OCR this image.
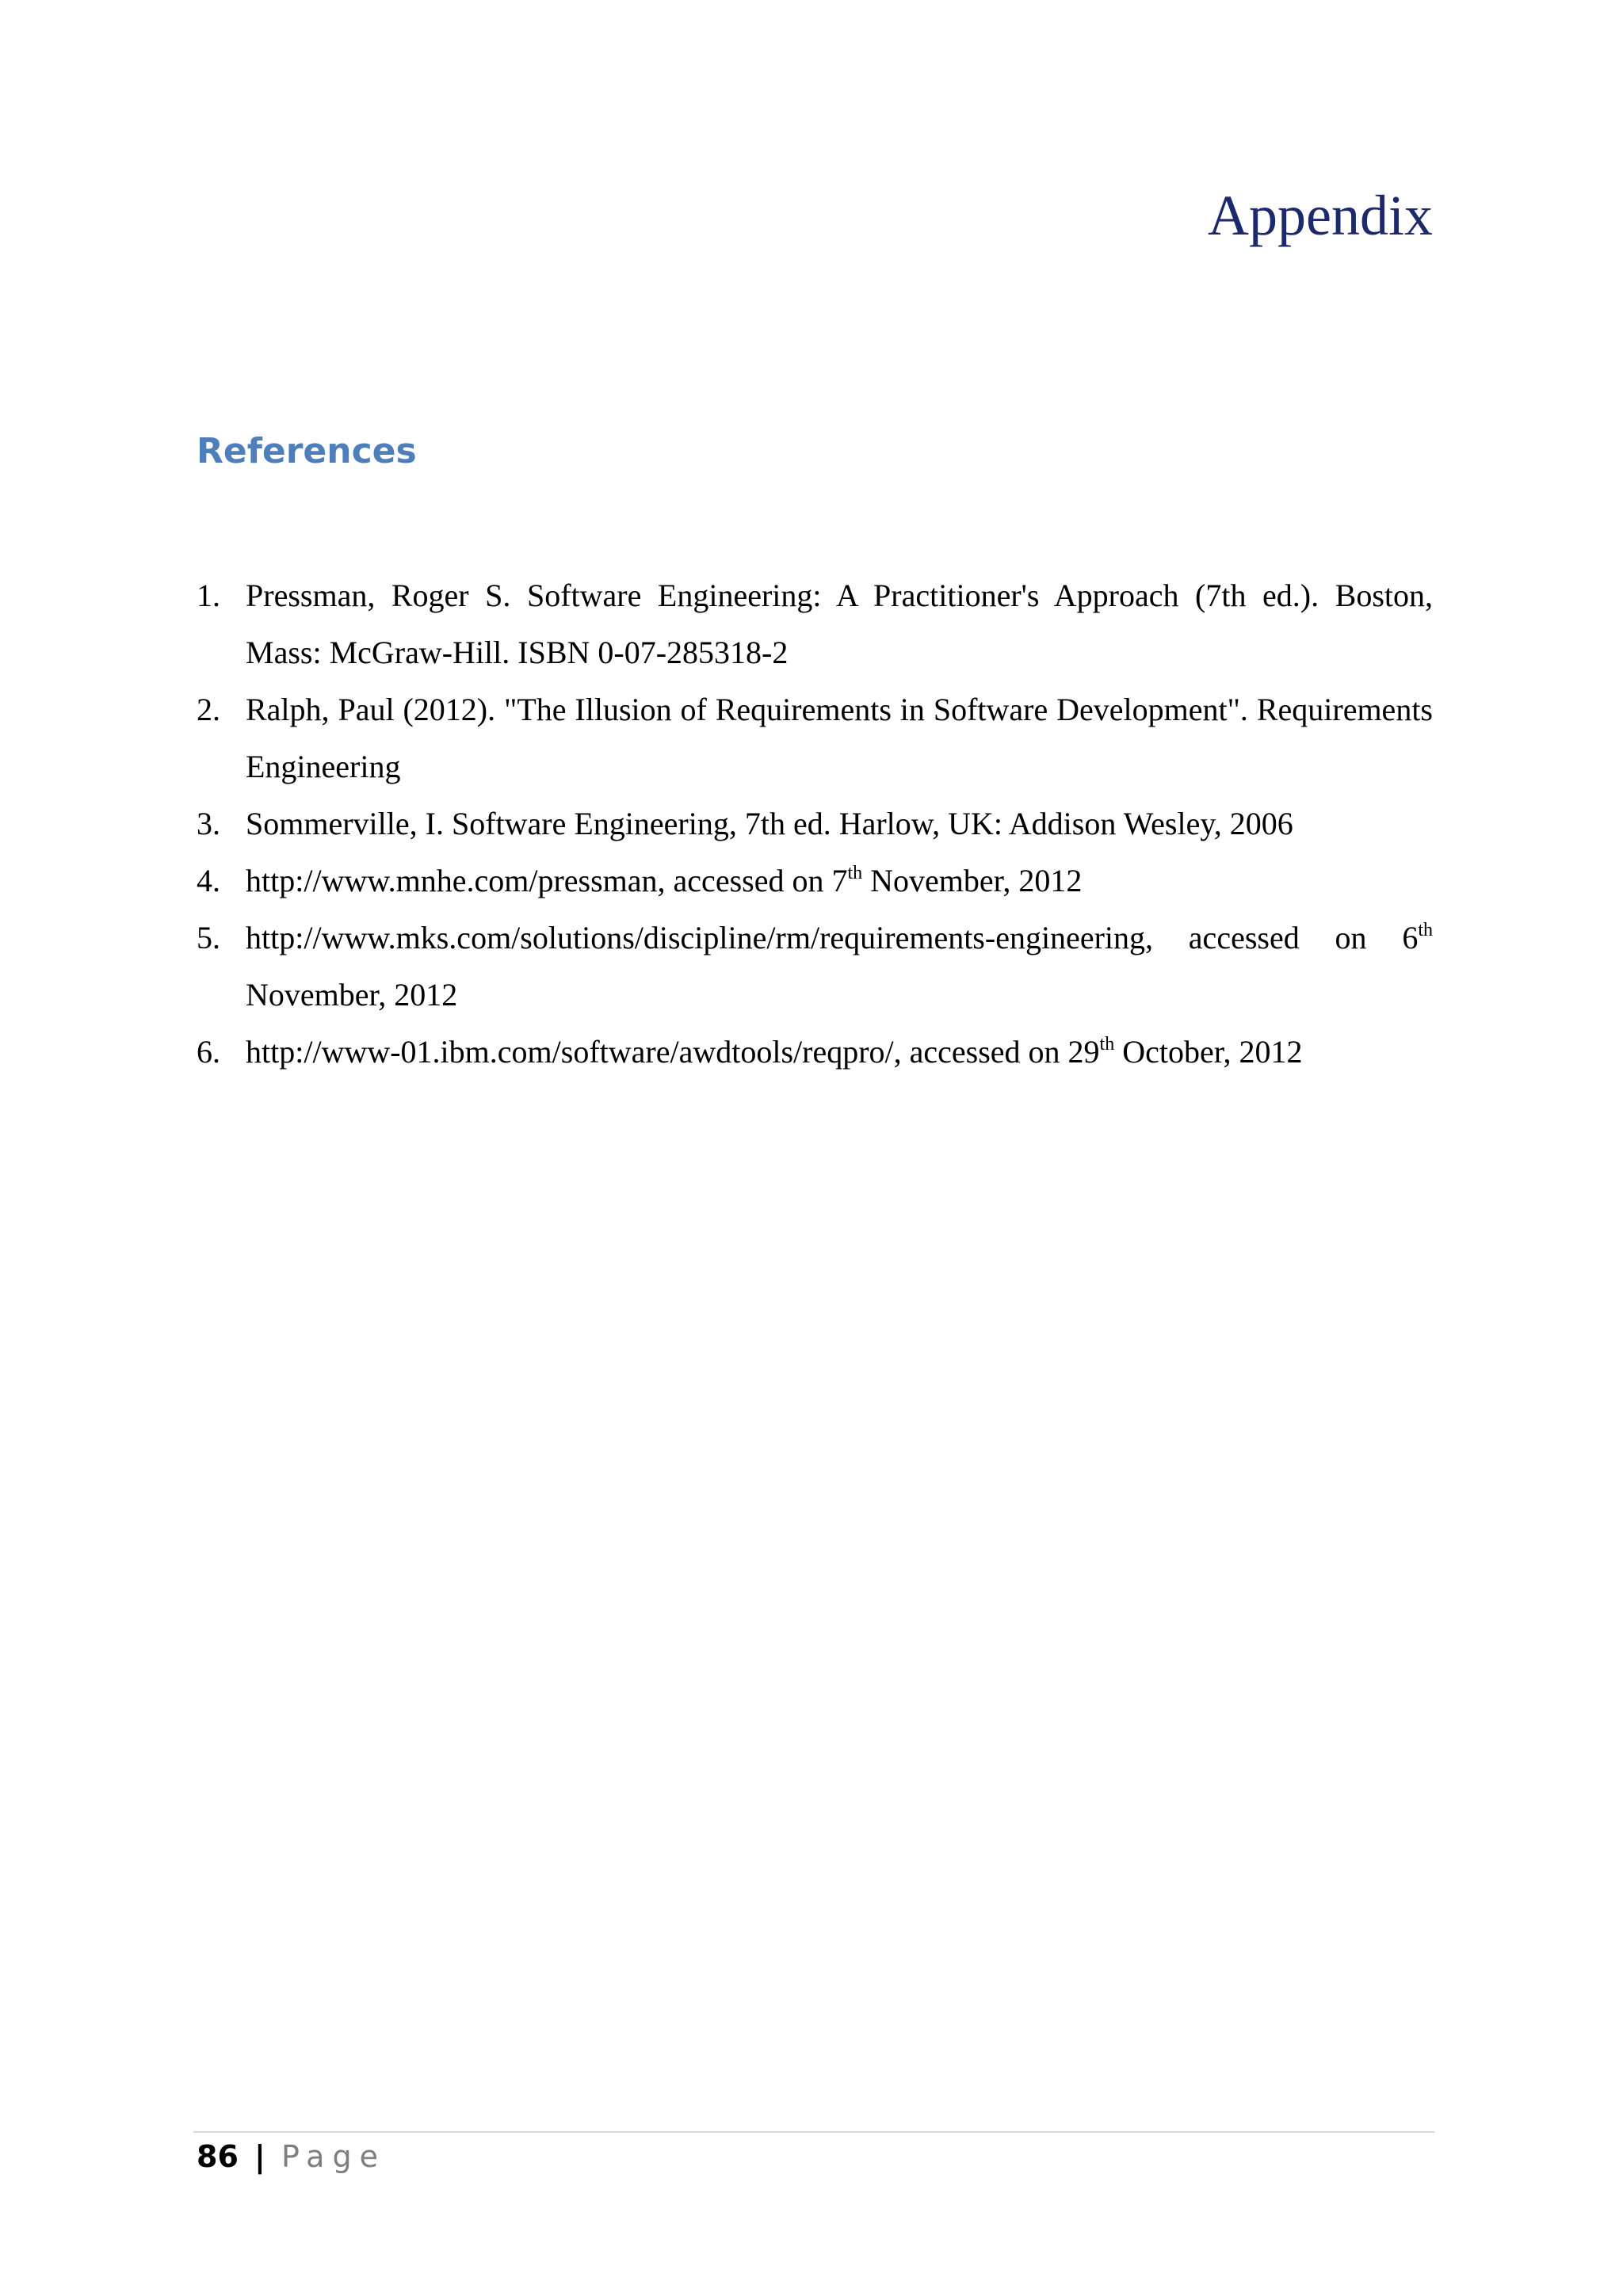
Appendix
References
1. Pressman, Roger S. Software Engineering: A Practitioner's Approach (7th ed.). Boston, Mass: McGraw-Hill. ISBN 0-07-285318-2
2. Ralph, Paul (2012). "The Illusion of Requirements in Software Development". Requirements Engineering
3. Sommerville, I. Software Engineering, 7th ed. Harlow, UK: Addison Wesley, 2006
4. http://www.mnhe.com/pressman, accessed on 7th November, 2012
5. http://www.mks.com/solutions/discipline/rm/requirements-engineering, accessed on 6th November, 2012
6. http://www-01.ibm.com/software/awdtools/reqpro/, accessed on 29th October, 2012
86 | Page
